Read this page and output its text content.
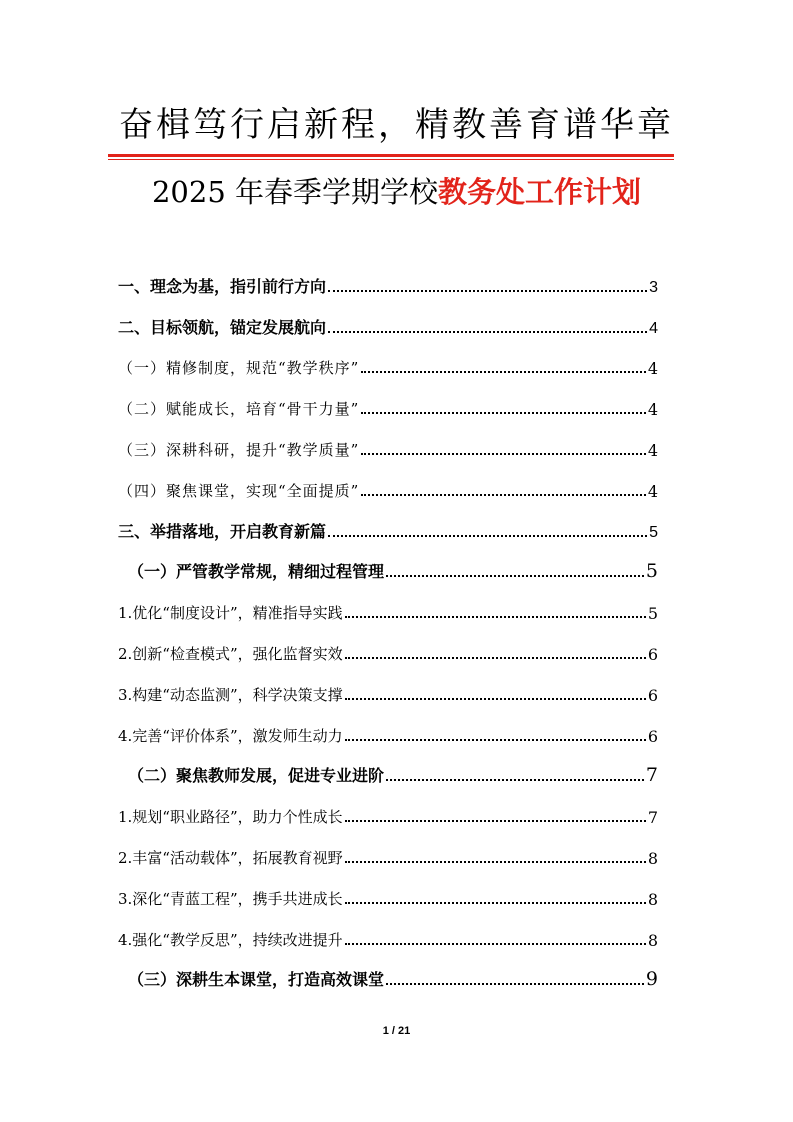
奋楫笃行启新程，精教善育谱华章
2025 年春季学期学校教务处工作计划
一、理念为基，指引前行方向	3
二、目标领航，锚定发展航向	4
（一）精修制度，规范“教学秩序”	4
（二）赋能成长，培育“骨干力量”	4
（三）深耕科研，提升“教学质量”	4
（四）聚焦课堂，实现“全面提质”	4
三、举措落地，开启教育新篇	5
（一）严管教学常规，精细过程管理	5
1.优化“制度设计”，精准指导实践	5
2.创新“检查模式”，强化监督实效	6
3.构建“动态监测”，科学决策支撑	6
4.完善“评价体系”，激发师生动力	6
（二）聚焦教师发展，促进专业进阶	7
1.规划“职业路径”，助力个性成长	7
2.丰富“活动载体”，拓展教育视野	8
3.深化“青蓝工程”，携手共进成长	8
4.强化“教学反思”，持续改进提升	8
（三）深耕生本课堂，打造高效课堂	9
1 / 21
